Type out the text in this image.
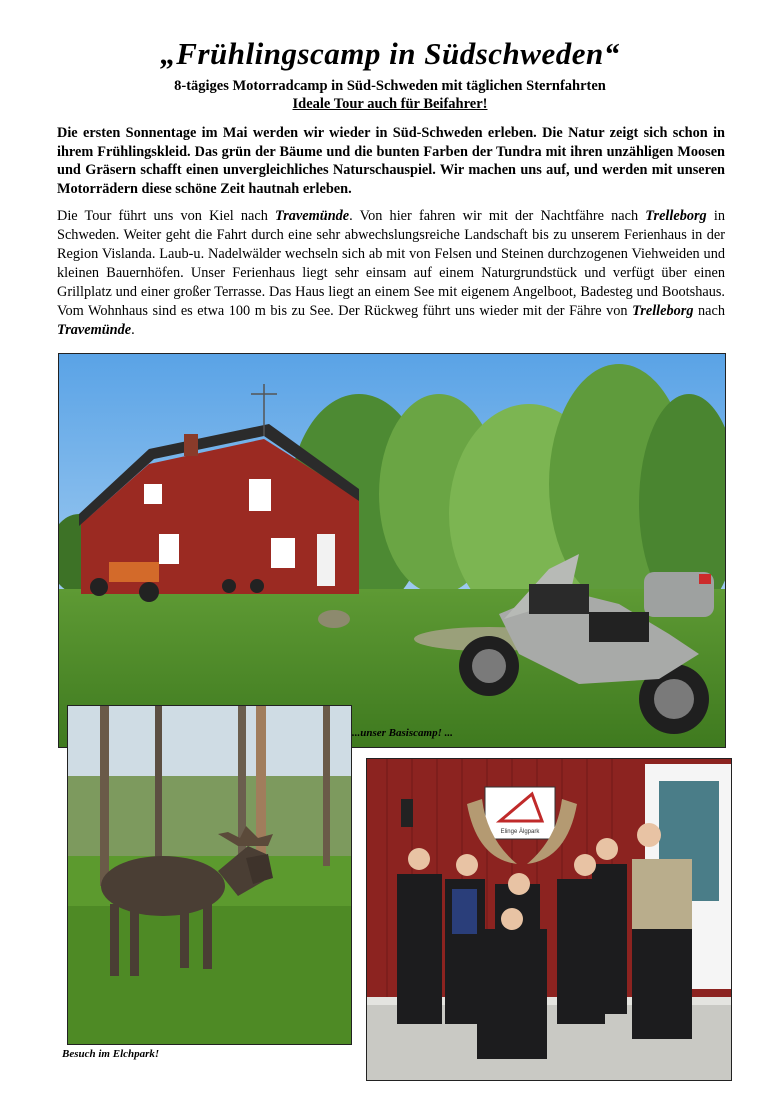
„Frühlingscamp in Südschweden“
8-tägiges Motorradcamp in Süd-Schweden mit täglichen Sternfahrten
Ideale Tour auch für Beifahrer!

Die ersten Sonnentage im Mai werden wir wieder in Süd-Schweden erleben. Die Natur zeigt sich schon in ihrem Frühlingskleid. Das grün der Bäume und die bunten Farben der Tundra mit ihren unzähligen Moosen und Gräsern schafft einen unvergleichliches Naturschauspiel. Wir machen uns auf, und werden mit unseren Motorrädern diese schöne Zeit hautnah erleben.

Die Tour führt uns von Kiel nach Travemünde. Von hier fahren wir mit der Nachtfähre nach Trelleborg in Schweden. Weiter geht die Fahrt durch eine sehr abwechslungsreiche Landschaft bis zu unserem Ferienhaus in der Region Vislanda. Laub-u. Nadelwälder wechseln sich ab mit von Felsen und Steinen durchzogenen Viehweiden und kleinen Bauernhöfen. Unser Ferienhaus liegt sehr einsam auf einem Naturgrundstück und verfügt über einen Grillplatz und einer großer Terrasse. Das Haus liegt an einem See mit eigenem Angelboot, Badesteg und Bootshaus. Vom Wohnhaus sind es etwa 100 m bis zu See. Der Rückweg führt uns wieder mit der Fähre von Trelleborg nach Travemünde.

...unser Basiscamp! ...
Besuch im Elchpark!
Elinge Älgpark
